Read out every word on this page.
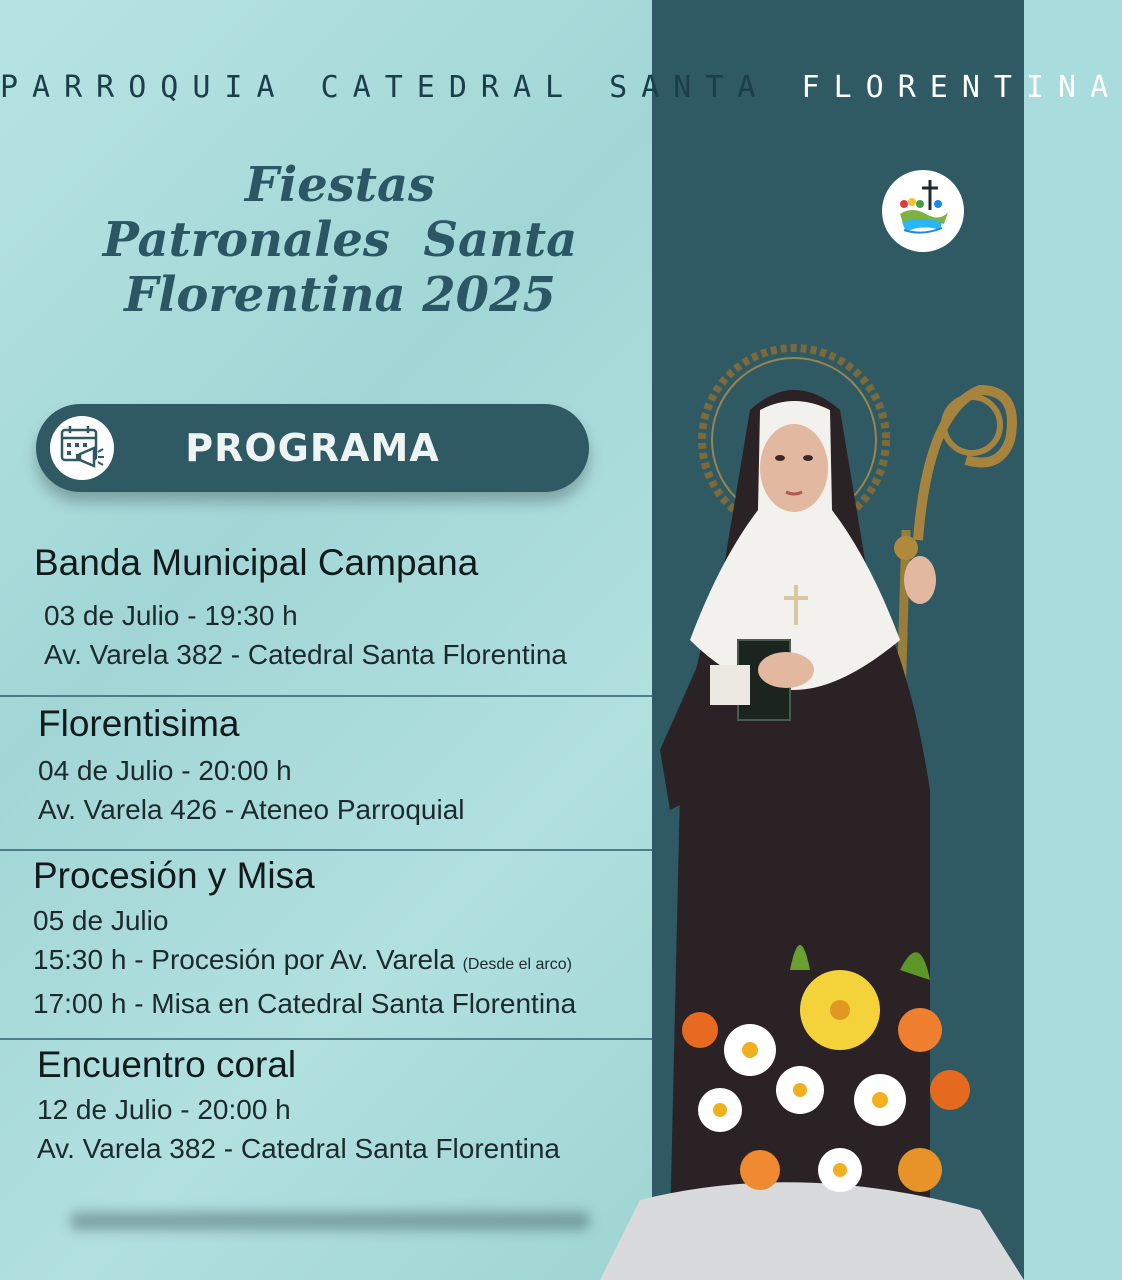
PARROQUIA CATEDRAL SANTA FLORENTINA
Fiestas
Patronales  Santa
Florentina 2025
PROGRAMA
Banda Municipal Campana
03 de Julio - 19:30 h
Av. Varela 382 - Catedral Santa Florentina
Florentisima
04 de Julio - 20:00 h
Av. Varela 426 - Ateneo Parroquial
Procesión y Misa
05 de Julio
15:30 h - Procesión por Av. Varela (Desde el arco)
17:00 h - Misa en Catedral Santa Florentina
Encuentro coral
12 de Julio - 20:00 h
Av. Varela 382 - Catedral Santa Florentina
